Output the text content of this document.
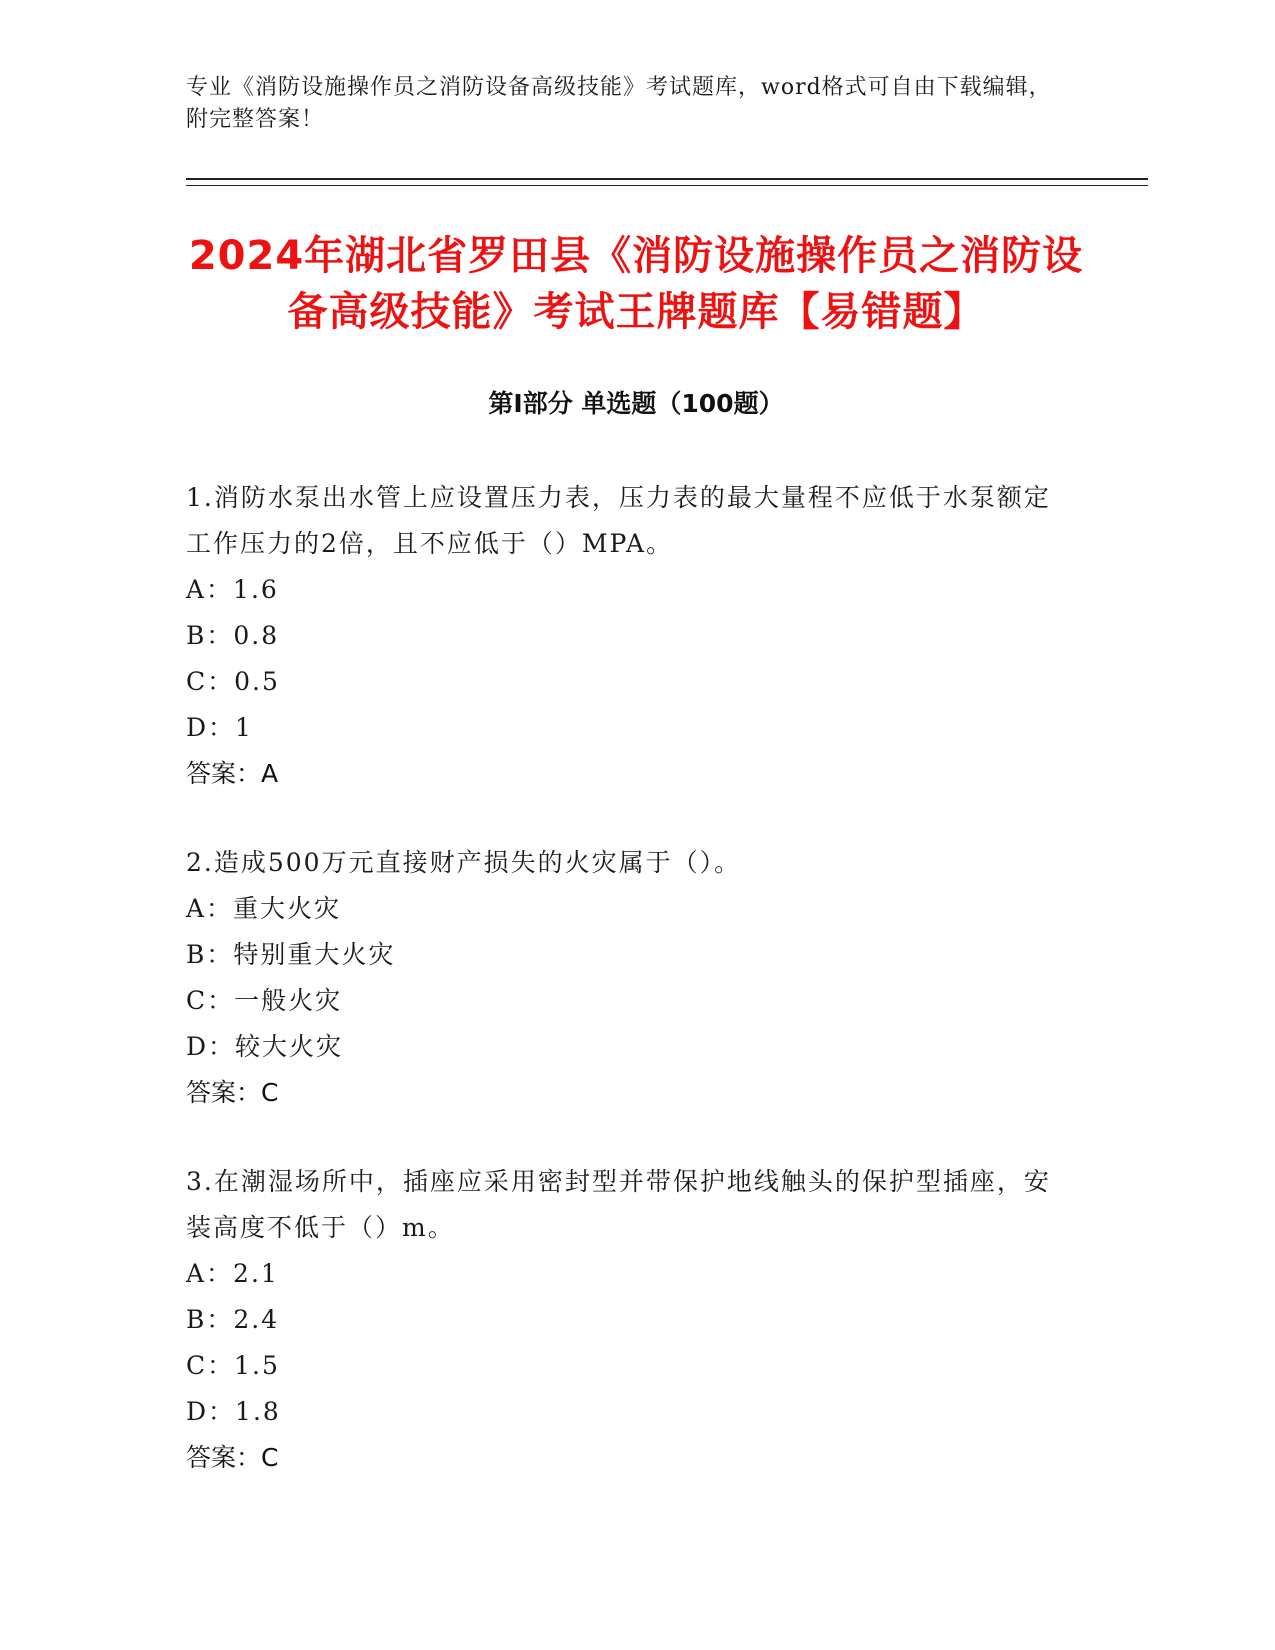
专业《消防设施操作员之消防设备高级技能》考试题库，word格式可自由下载编辑，附完整答案！
2024年湖北省罗田县《消防设施操作员之消防设备高级技能》考试王牌题库【易错题】
第Ⅰ部分 单选题（100题）

1.消防水泵出水管上应设置压力表，压力表的最大量程不应低于水泵额定工作压力的2倍，且不应低于（）MPA。

A：1.6

B：0.8

C：0.5

D：1

答案：A

2.造成500万元直接财产损失的火灾属于（）。

A：重大火灾

B：特别重大火灾

C：一般火灾

D：较大火灾

答案：C

3.在潮湿场所中，插座应采用密封型并带保护地线触头的保护型插座，安装高度不低于（）m。

A：2.1

B：2.4

C：1.5

D：1.8

答案：C
